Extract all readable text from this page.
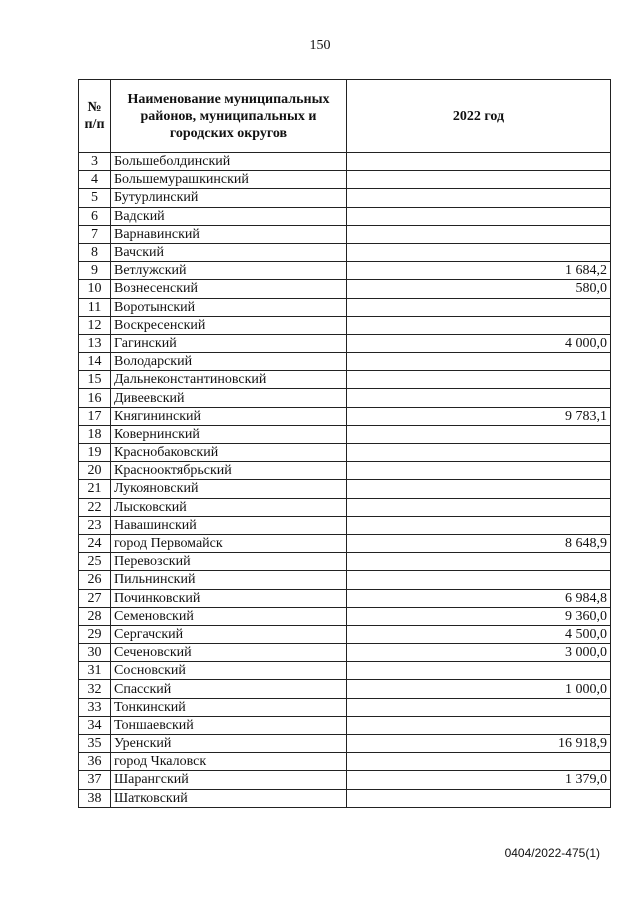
150
№ п/п	Наименование муниципальных районов, муниципальных и городских округов	2022 год
3	Большеболдинский	
4	Большемурашкинский	
5	Бутурлинский	
6	Вадский	
7	Варнавинский	
8	Вачский	
9	Ветлужский	1 684,2
10	Вознесенский	580,0
11	Воротынский	
12	Воскресенский	
13	Гагинский	4 000,0
14	Володарский	
15	Дальнеконстантиновский	
16	Дивеевский	
17	Княгининский	9 783,1
18	Ковернинский	
19	Краснобаковский	
20	Краснооктябрьский	
21	Лукояновский	
22	Лысковский	
23	Навашинский	
24	город Первомайск	8 648,9
25	Перевозский	
26	Пильнинский	
27	Починковский	6 984,8
28	Семеновский	9 360,0
29	Сергачский	4 500,0
30	Сеченовский	3 000,0
31	Сосновский	
32	Спасский	1 000,0
33	Тонкинский	
34	Тоншаевский	
35	Уренский	16 918,9
36	город Чкаловск	
37	Шарангский	1 379,0
38	Шатковский	
0404/2022-475(1)
